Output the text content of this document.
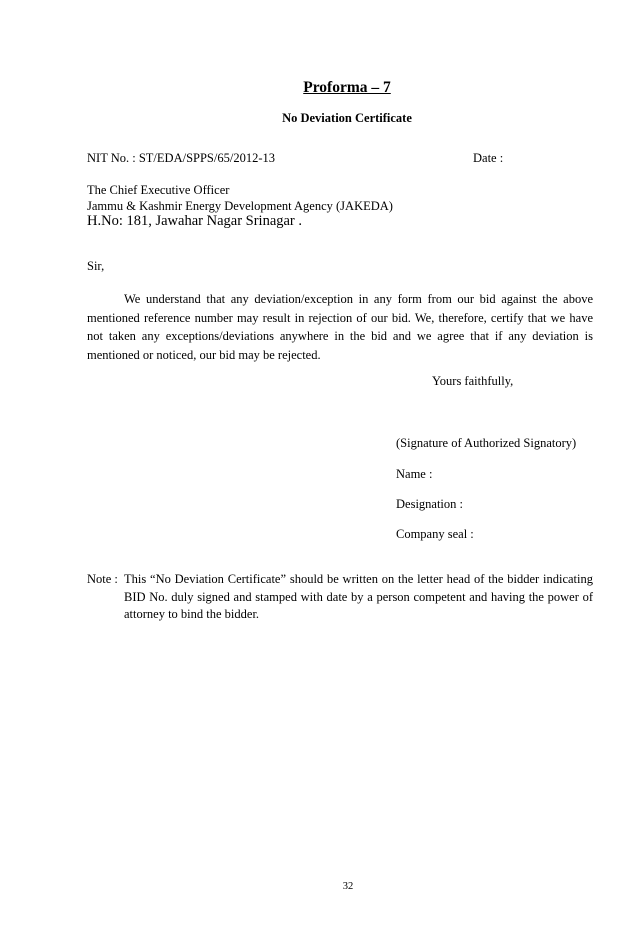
Proforma – 7
No Deviation Certificate
NIT No. : ST/EDA/SPPS/65/2012-13	Date :
The Chief Executive Officer
Jammu & Kashmir Energy Development Agency (JAKEDA)
H.No: 181, Jawahar Nagar Srinagar .
Sir,
We understand that any deviation/exception in any form from our bid against the above mentioned reference number may result in rejection of our bid. We, therefore, certify that we have not taken any exceptions/deviations anywhere in the bid and we agree that if any deviation is mentioned or noticed, our bid may be rejected.
Yours faithfully,
(Signature of Authorized Signatory)
Name :
Designation :
Company seal :
Note : This “No Deviation Certificate” should be written on the letter head of the bidder indicating BID No. duly signed and stamped with date by a person competent and having the power of attorney to bind the bidder.
32
